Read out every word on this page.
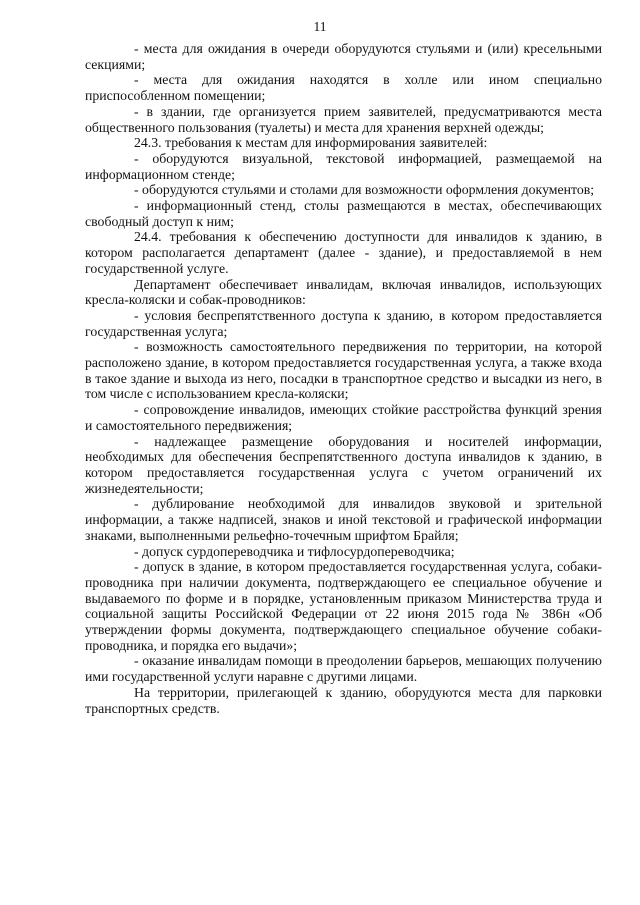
11

- места для ожидания в очереди оборудуются стульями и (или) кресельными секциями;

- места для ожидания находятся в холле или ином специально приспособленном помещении;

- в здании, где организуется прием заявителей, предусматриваются места общественного пользования (туалеты) и места для хранения верхней одежды;

24.3. требования к местам для информирования заявителей:

- оборудуются визуальной, текстовой информацией, размещаемой на информационном стенде;

- оборудуются стульями и столами для возможности оформления документов;

- информационный стенд, столы размещаются в местах, обеспечивающих свободный доступ к ним;

24.4. требования к обеспечению доступности для инвалидов к зданию, в котором располагается департамент (далее - здание), и предоставляемой в нем государственной услуге.

Департамент обеспечивает инвалидам, включая инвалидов, использующих кресла-коляски и собак-проводников:

- условия беспрепятственного доступа к зданию, в котором предоставляется государственная услуга;

- возможность самостоятельного передвижения по территории, на которой расположено здание, в котором предоставляется государственная услуга, а также входа в такое здание и выхода из него, посадки в транспортное средство и высадки из него, в том числе с использованием кресла-коляски;

- сопровождение инвалидов, имеющих стойкие расстройства функций зрения и самостоятельного передвижения;

- надлежащее размещение оборудования и носителей информации, необходимых для обеспечения беспрепятственного доступа инвалидов к зданию, в котором предоставляется государственная услуга с учетом ограничений их жизнедеятельности;

- дублирование необходимой для инвалидов звуковой и зрительной информации, а также надписей, знаков и иной текстовой и графической информации знаками, выполненными рельефно-точечным шрифтом Брайля;

- допуск сурдопереводчика и тифлосурдопереводчика;

- допуск в здание, в котором предоставляется государственная услуга, собаки-проводника при наличии документа, подтверждающего ее специальное обучение и выдаваемого по форме и в порядке, установленным приказом Министерства труда и социальной защиты Российской Федерации от 22 июня 2015 года № 386н «Об утверждении формы документа, подтверждающего специальное обучение собаки-проводника, и порядка его выдачи»;

- оказание инвалидам помощи в преодолении барьеров, мешающих получению ими государственной услуги наравне с другими лицами.

На территории, прилегающей к зданию, оборудуются места для парковки транспортных средств.
